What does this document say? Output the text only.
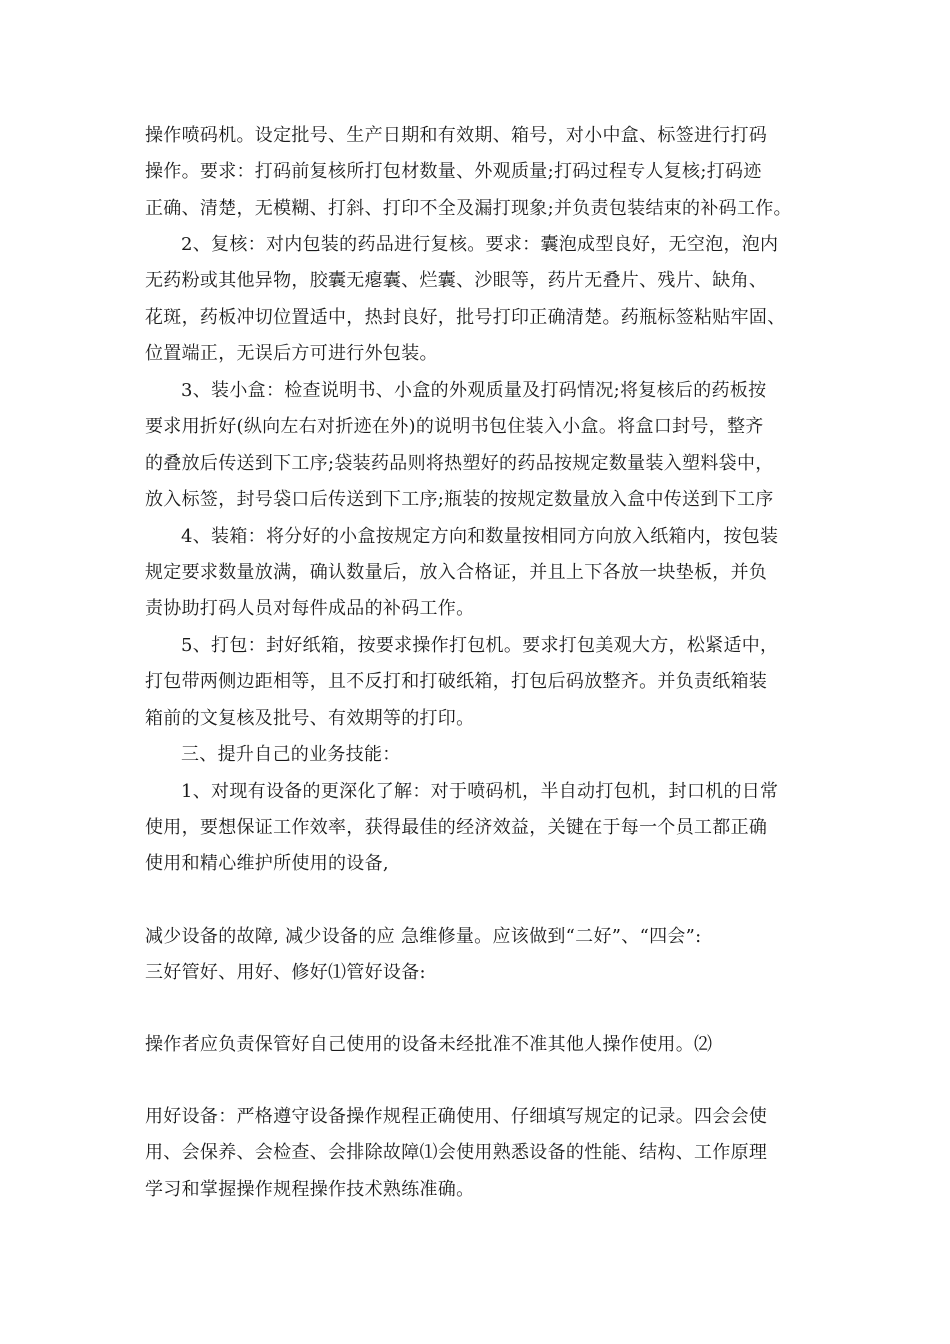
操作喷码机。设定批号、生产日期和有效期、箱号，对小中盒、标签进行打码
操作。要求：打码前复核所打包材数量、外观质量;打码过程专人复核;打码迹
正确、清楚，无模糊、打斜、打印不全及漏打现象;并负责包装结束的补码工作。
2、复核：对内包装的药品进行复核。要求：囊泡成型良好，无空泡，泡内
无药粉或其他异物，胶囊无瘪囊、烂囊、沙眼等，药片无叠片、残片、缺角、
花斑，药板冲切位置适中，热封良好，批号打印正确清楚。药瓶标签粘贴牢固、
位置端正，无误后方可进行外包装。
3、装小盒：检查说明书、小盒的外观质量及打码情况;将复核后的药板按
要求用折好(纵向左右对折迹在外)的说明书包住装入小盒。将盒口封号，整齐
的叠放后传送到下工序;袋装药品则将热塑好的药品按规定数量装入塑料袋中，
放入标签，封号袋口后传送到下工序;瓶装的按规定数量放入盒中传送到下工序
4、装箱：将分好的小盒按规定方向和数量按相同方向放入纸箱内，按包装
规定要求数量放满，确认数量后，放入合格证，并且上下各放一块垫板，并负
责协助打码人员对每件成品的补码工作。
5、打包：封好纸箱，按要求操作打包机。要求打包美观大方，松紧适中，
打包带两侧边距相等，且不反打和打破纸箱，打包后码放整齐。并负责纸箱装
箱前的文复核及批号、有效期等的打印。
三、提升自己的业务技能：
1、对现有设备的更深化了解：对于喷码机，半自动打包机，封口机的日常
使用，要想保证工作效率，获得最佳的经济效益，关键在于每一个员工都正确
使用和精心维护所使用的设备,
减少设备的故障, 减少设备的应 急维修量。应该做到“二好”、“四会”:
三好管好、用好、修好⑴管好设备:
操作者应负责保管好自己使用的设备未经批准不准其他人操作使用。⑵
用好设备：严格遵守设备操作规程正确使用、仔细填写规定的记录。四会会使
用、会保养、会检查、会排除故障⑴会使用熟悉设备的性能、结构、工作原理
学习和掌握操作规程操作技术熟练准确。
